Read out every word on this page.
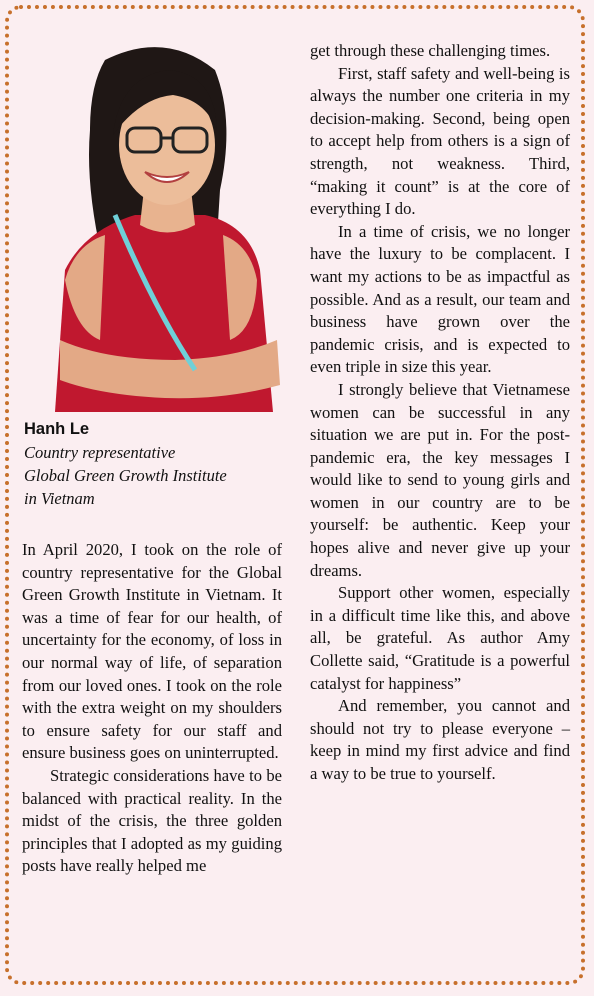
Hanh Le
Country representative
Global Green Growth Institute
in Vietnam

In April 2020, I took on the role of country representative for the Global Green Growth Institute in Vietnam. It was a time of fear for our health, of uncertainty for the economy, of loss in our normal way of life, of separation from our loved ones. I took on the role with the extra weight on my shoulders to ensure safety for our staff and ensure business goes on uninterrupted.

Strategic considerations have to be balanced with practical reality. In the midst of the crisis, the three golden principles that I adopted as my guiding posts have really helped me

get through these challenging times.

First, staff safety and well-being is always the number one criteria in my decision-making. Second, being open to accept help from others is a sign of strength, not weakness. Third, “making it count” is at the core of everything I do.

In a time of crisis, we no longer have the luxury to be complacent. I want my actions to be as impactful as possible. And as a result, our team and business have grown over the pandemic crisis, and is expected to even triple in size this year.

I strongly believe that Vietnamese women can be successful in any situation we are put in. For the post-pandemic era, the key messages I would like to send to young girls and women in our country are to be yourself: be authentic. Keep your hopes alive and never give up your dreams.

Support other women, especially in a difficult time like this, and above all, be grateful. As author Amy Collette said, “Gratitude is a powerful catalyst for happiness”

And remember, you cannot and should not try to please everyone – keep in mind my first advice and find a way to be true to yourself.
